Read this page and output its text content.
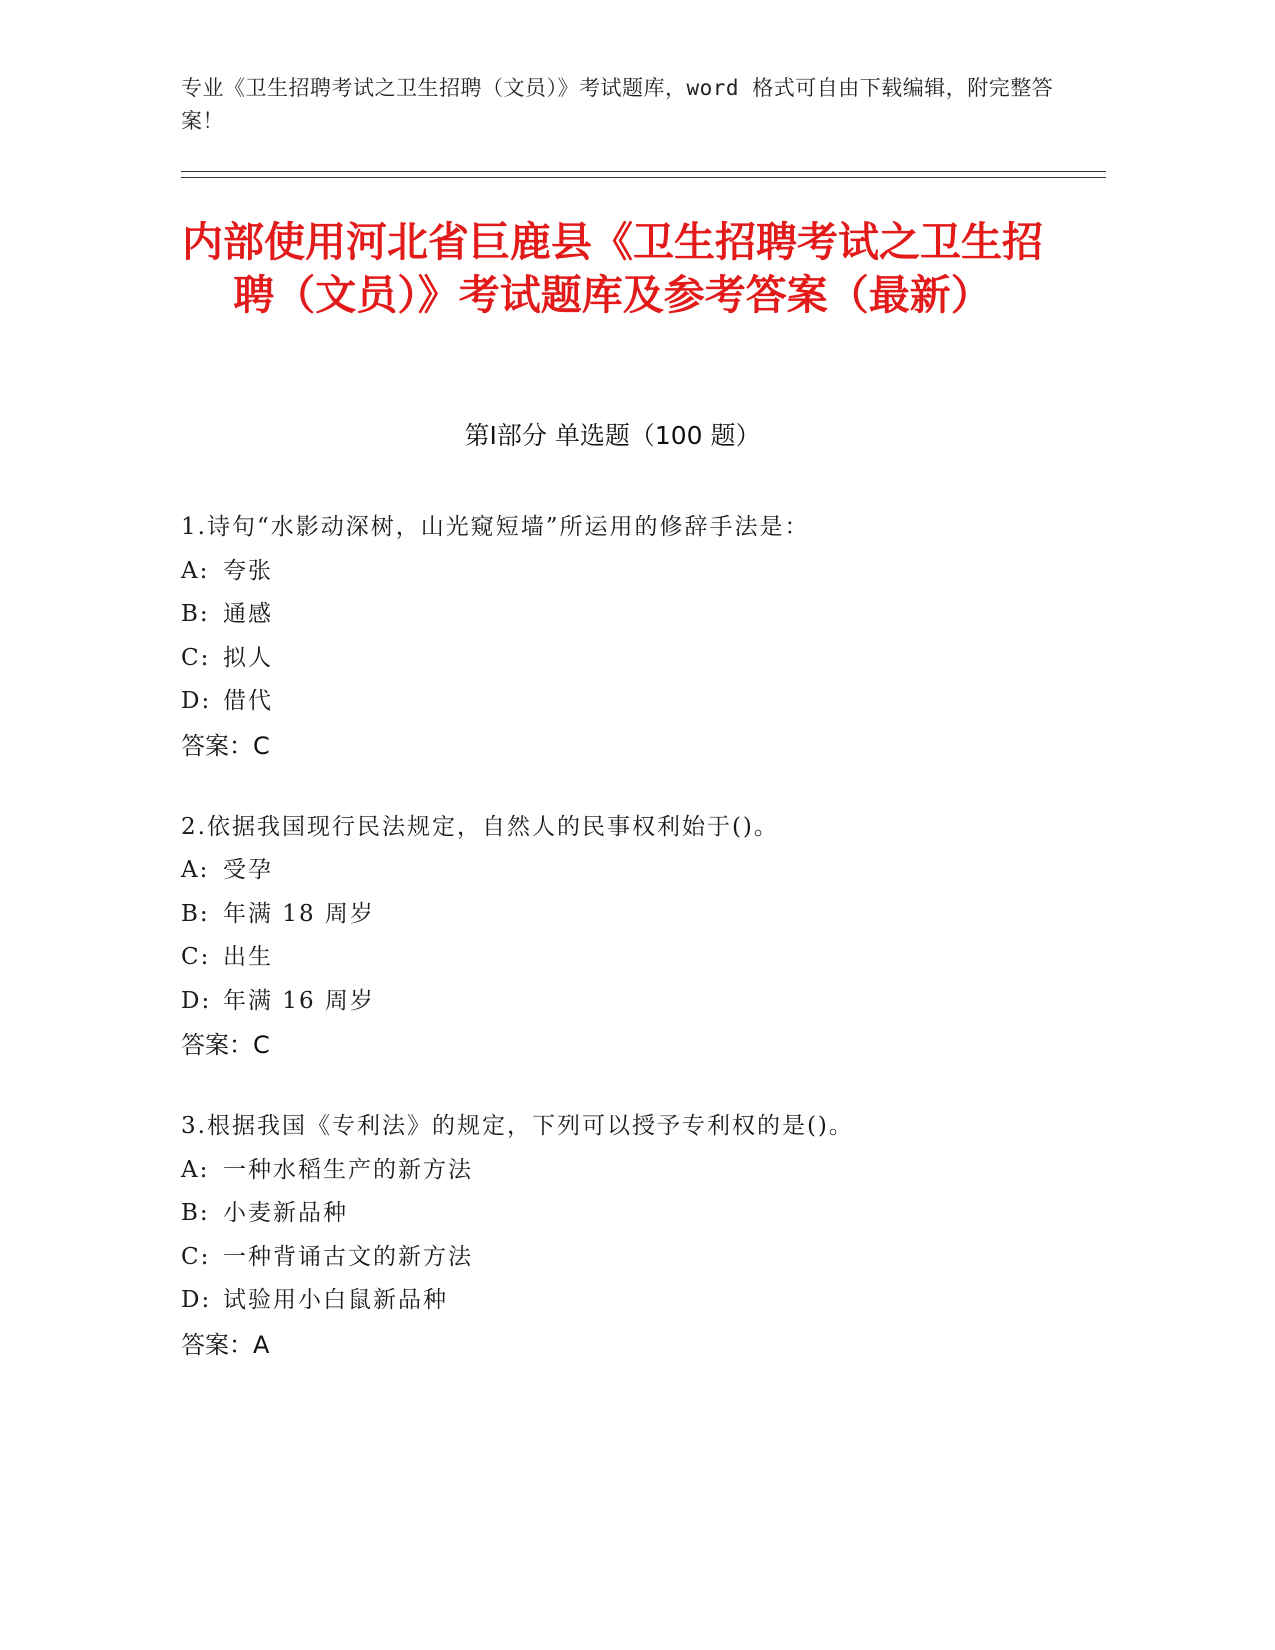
专业《卫生招聘考试之卫生招聘（文员）》考试题库，word 格式可自由下载编辑，附完整答案！
内部使用河北省巨鹿县《卫生招聘考试之卫生招聘（文员）》考试题库及参考答案（最新）
第Ⅰ部分 单选题（100 题）
1.诗句“水影动深树，山光窥短墙”所运用的修辞手法是：
A: 夸张
B: 通感
C: 拟人
D: 借代
答案：C
2.依据我国现行民法规定，自然人的民事权利始于()。
A: 受孕
B: 年满 18 周岁
C: 出生
D: 年满 16 周岁
答案：C
3.根据我国《专利法》的规定，下列可以授予专利权的是()。
A: 一种水稻生产的新方法
B: 小麦新品种
C: 一种背诵古文的新方法
D: 试验用小白鼠新品种
答案：A
